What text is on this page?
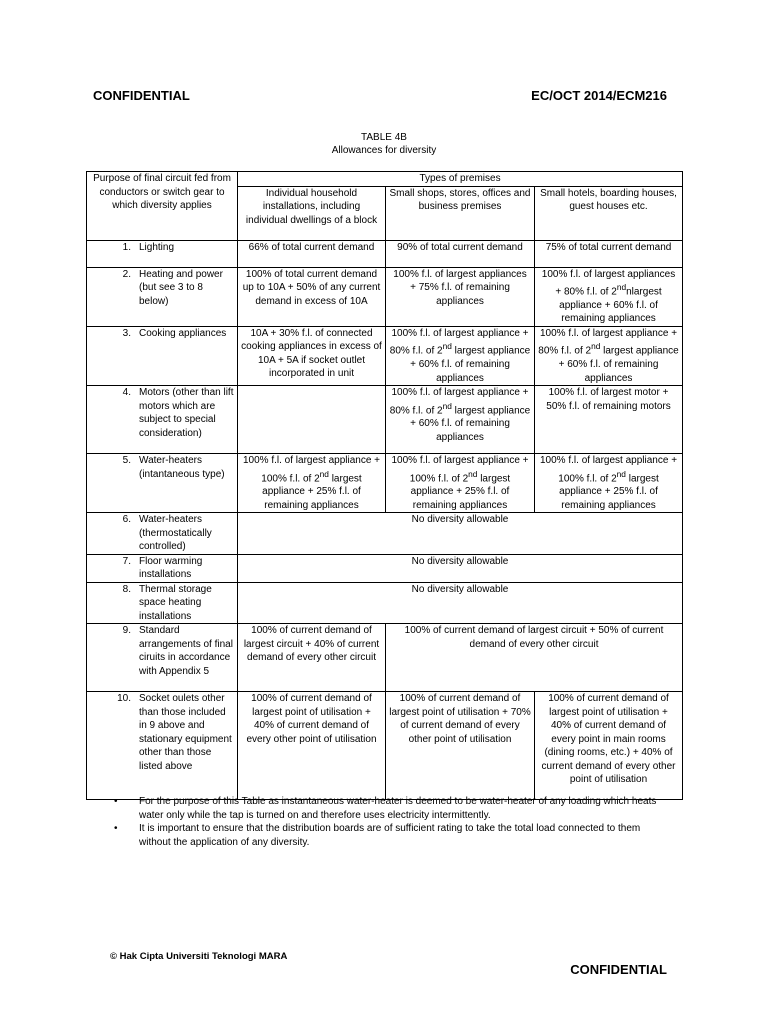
CONFIDENTIAL	EC/OCT 2014/ECM216
TABLE 4B
Allowances for diversity
Purpose of final circuit fed from conductors or switch gear to which diversity applies	Types of premises		
	Individual household installations, including individual dwellings of a block	Small shops, stores, offices and business premises	Small hotels, boarding houses, guest houses etc.
1. Lighting	66% of total current demand	90% of total current demand	75% of total current demand
2. Heating and power (but see 3 to 8 below)	100% of total current demand up to 10A + 50% of any current demand in excess of 10A	100% f.l. of largest appliances + 75% f.l. of remaining appliances	100% f.l. of largest appliances + 80% f.l. of 2ndnlargest appliance + 60% f.l. of remaining appliances
3. Cooking appliances	10A + 30% f.l. of connected cooking appliances in excess of 10A + 5A if socket outlet incorporated in unit	100% f.l. of largest appliance + 80% f.l. of 2nd largest appliance + 60% f.l. of remaining appliances	100% f.l. of largest appliance + 80% f.l. of 2nd largest appliance + 60% f.l. of remaining appliances
4. Motors (other than lift motors which are subject to special consideration)		100% f.l. of largest appliance + 80% f.l. of 2nd largest appliance + 60% f.l. of remaining appliances	100% f.l. of largest motor + 50% f.l. of remaining motors
5. Water-heaters (intantaneous type)	100% f.l. of largest appliance + 100% f.l. of 2nd largest appliance + 25% f.l. of remaining appliances	100% f.l. of largest appliance + 100% f.l. of 2nd largest appliance + 25% f.l. of remaining appliances	100% f.l. of largest appliance + 100% f.l. of 2nd largest appliance + 25% f.l. of remaining appliances
6. Water-heaters (thermostatically controlled)	No diversity allowable		
7. Floor warming installations	No diversity allowable		
8. Thermal storage space heating installations	No diversity allowable		
9. Standard arrangements of final ciruits in accordance with Appendix 5	100% of current demand of largest circuit + 40% of current demand of every other circuit	100% of current demand of largest circuit + 50% of current demand of every other circuit	
10. Socket oulets other than those included in 9 above and stationary equipment other than those listed above	100% of current demand of largest point of utilisation + 40% of current demand of every other point of utilisation	100% of current demand of largest point of utilisation + 70% of current demand of every other point of utilisation	100% of current demand of largest point of utilisation + 40% of current demand of every point in main rooms (dining rooms, etc.) + 40% of current demand of every other point of utilisation
• For the purpose of this Table as instantaneous water-heater is deemed to be water-heater of any loading which heats water only while the tap is turned on and therefore uses electricity intermittently.
• It is important to ensure that the distribution boards are of sufficient rating to take the total load connected to them without the application of any diversity.
© Hak Cipta Universiti Teknologi MARA
CONFIDENTIAL
